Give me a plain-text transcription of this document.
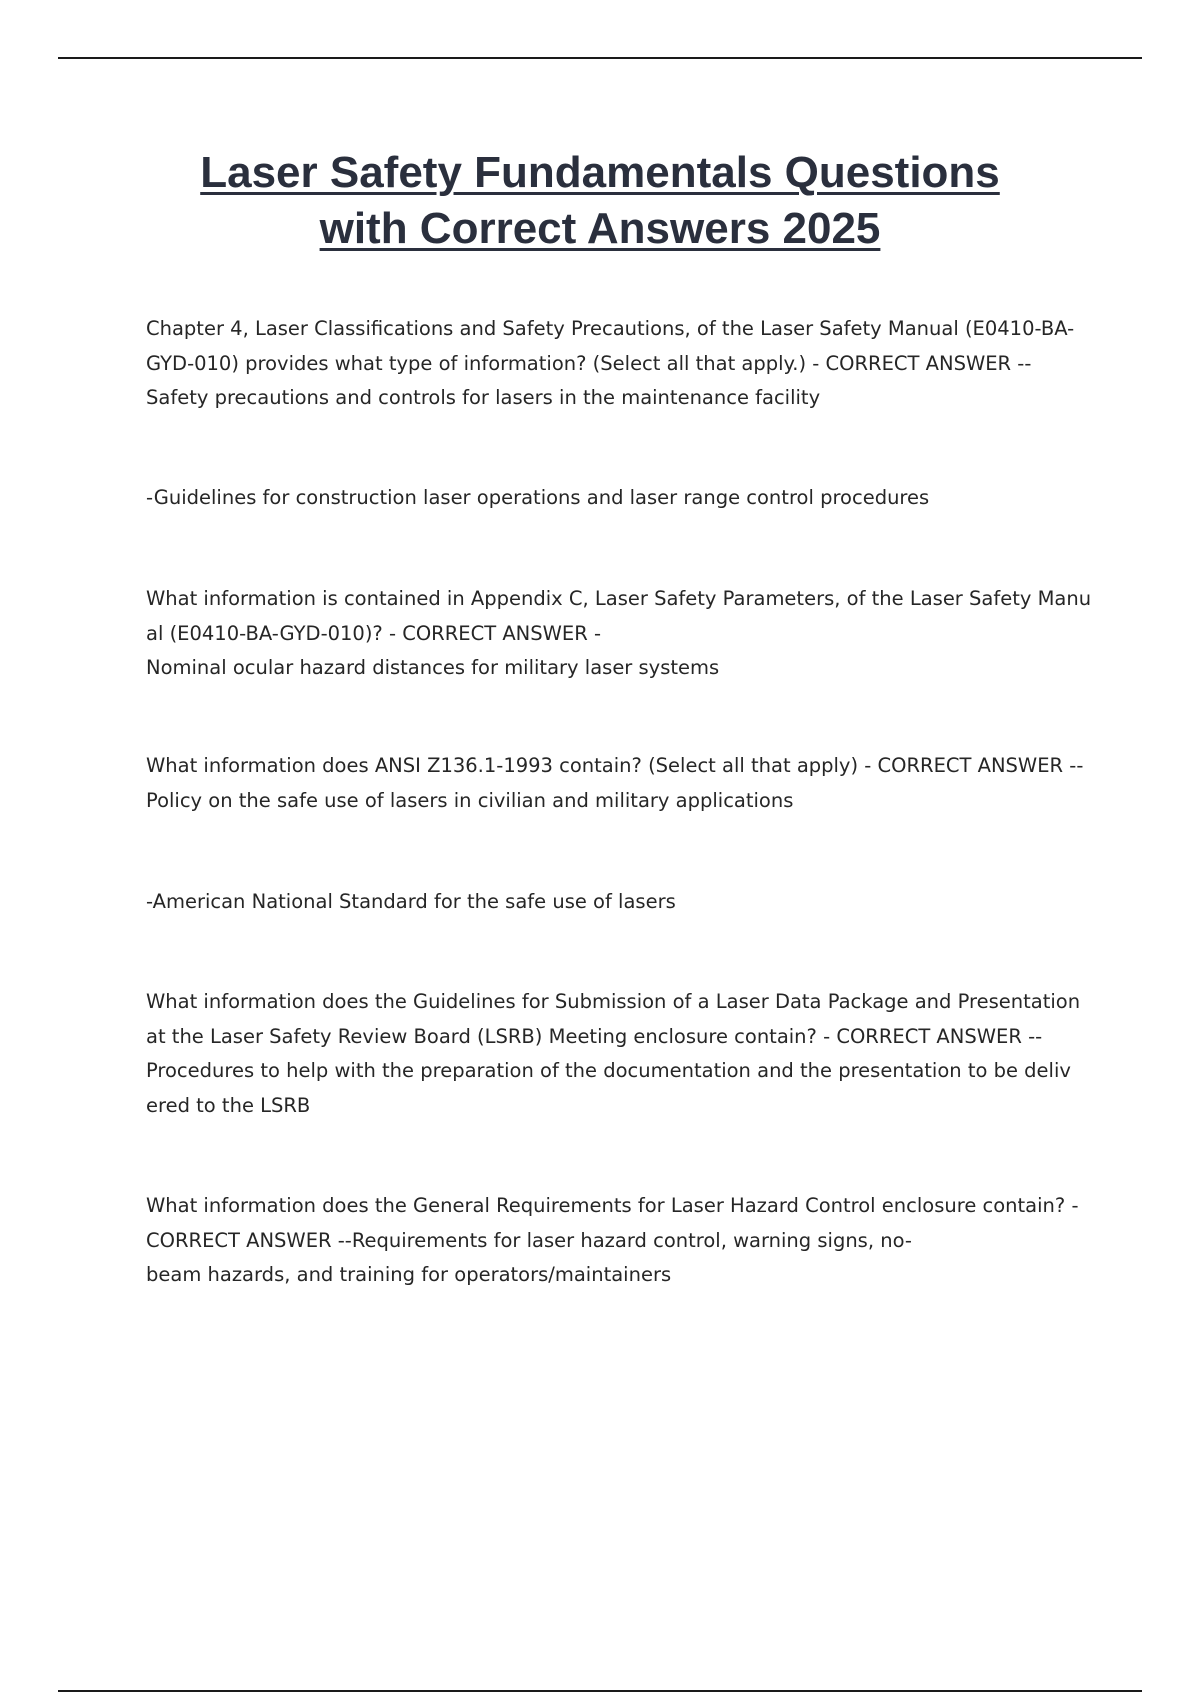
Laser Safety Fundamentals Questions
with Correct Answers 2025

Chapter 4, Laser Classifications and Safety Precautions, of the Laser Safety Manual (E0410-BA-

GYD-010) provides what type of information? (Select all that apply.) - CORRECT ANSWER --

Safety precautions and controls for lasers in the maintenance facility

-Guidelines for construction laser operations and laser range control procedures

What information is contained in Appendix C, Laser Safety Parameters, of the Laser Safety Manu

al (E0410-BA-GYD-010)? - CORRECT ANSWER -

Nominal ocular hazard distances for military laser systems

What information does ANSI Z136.1-1993 contain? (Select all that apply) - CORRECT ANSWER --

Policy on the safe use of lasers in civilian and military applications

-American National Standard for the safe use of lasers

What information does the Guidelines for Submission of a Laser Data Package and Presentation

at the Laser Safety Review Board (LSRB) Meeting enclosure contain? - CORRECT ANSWER --

Procedures to help with the preparation of the documentation and the presentation to be deliv

ered to the LSRB

What information does the General Requirements for Laser Hazard Control enclosure contain? -

CORRECT ANSWER --Requirements for laser hazard control, warning signs, no-

beam hazards, and training for operators/maintainers
